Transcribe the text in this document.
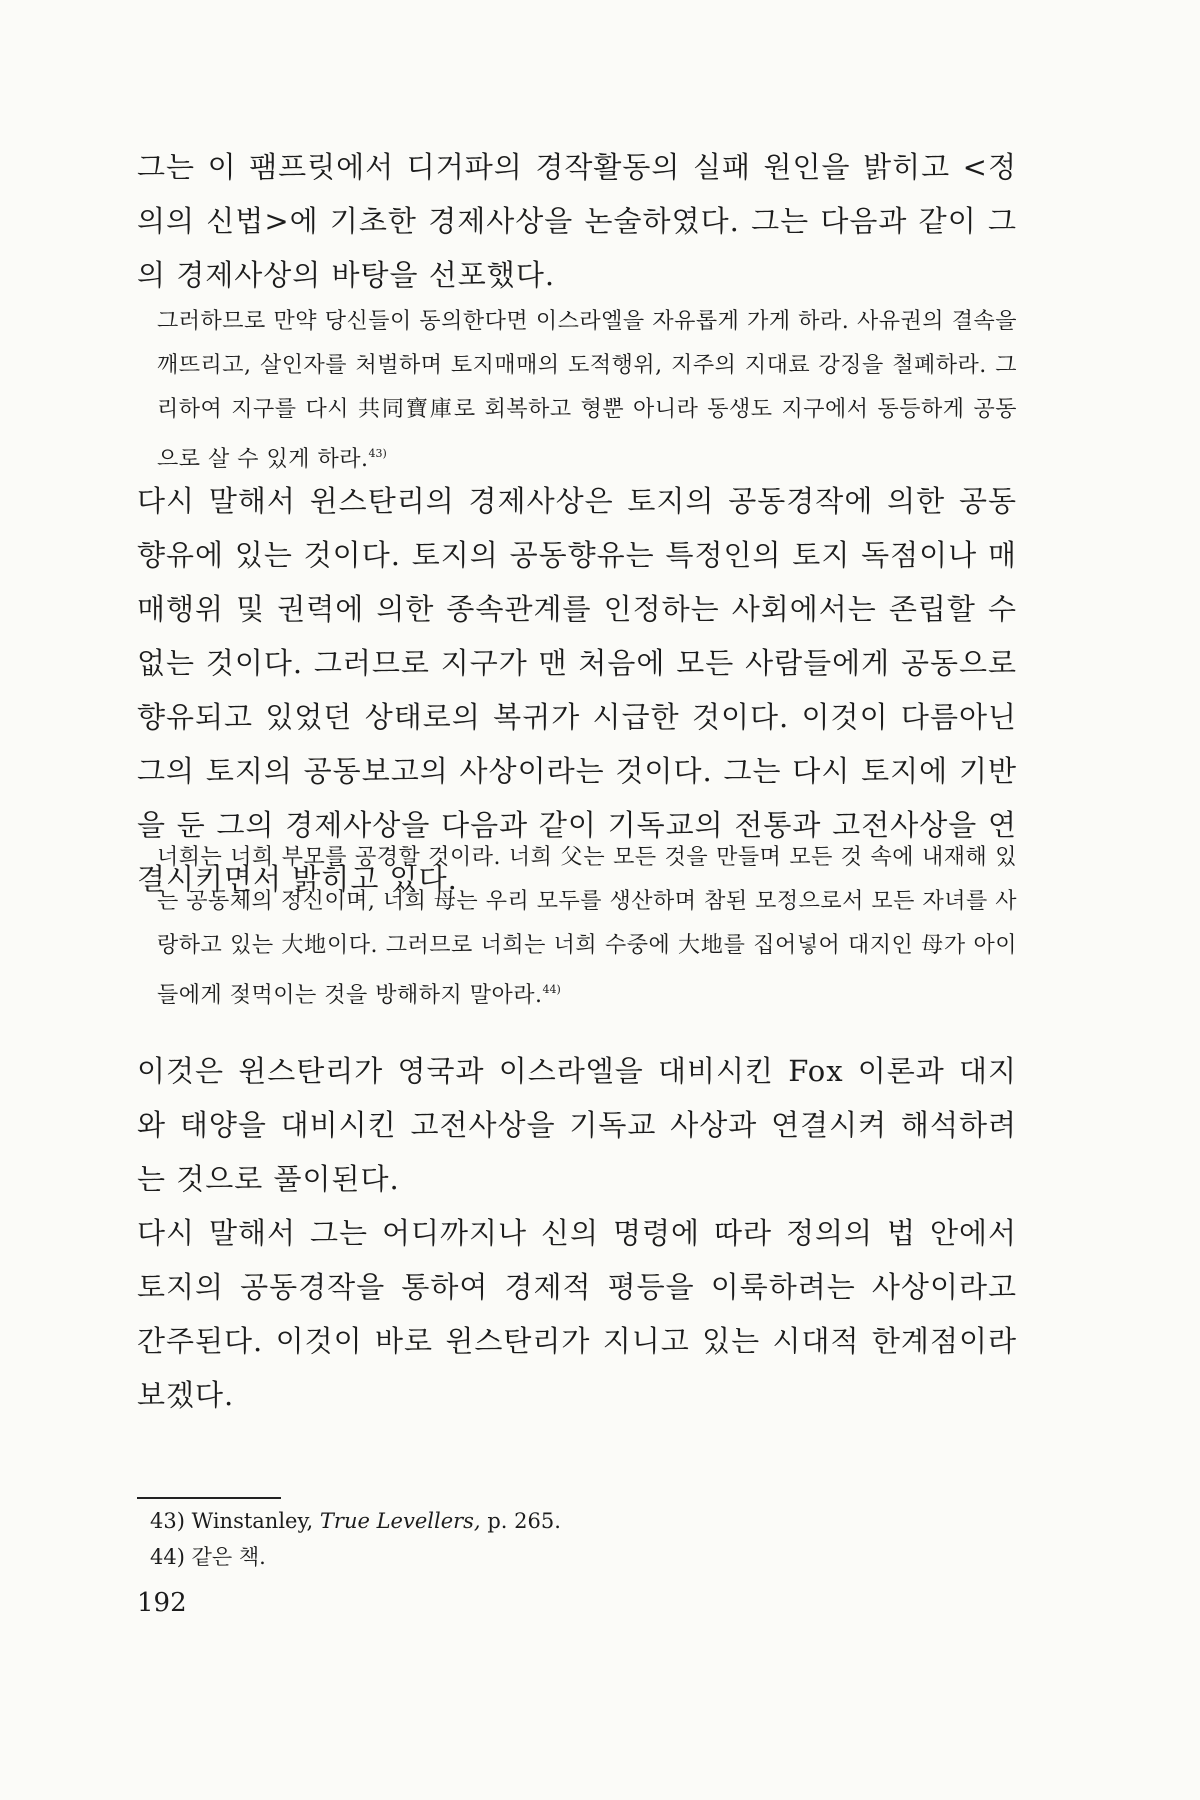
그는 이 팸프릿에서 디거파의 경작활동의 실패 원인을 밝히고 <정의의 신법>에 기초한 경제사상을 논술하였다. 그는 다음과 같이 그의 경제사상의 바탕을 선포했다.

그러하므로 만약 당신들이 동의한다면 이스라엘을 자유롭게 가게 하라. 사유권의 결속을 깨뜨리고, 살인자를 처벌하며 토지매매의 도적행위, 지주의 지대료 강징을 철폐하라. 그리하여 지구를 다시 共同寶庫로 회복하고 형뿐 아니라 동생도 지구에서 동등하게 공동으로 살 수 있게 하라.$^{43)}$

다시 말해서 윈스탄리의 경제사상은 토지의 공동경작에 의한 공동향유에 있는 것이다. 토지의 공동향유는 특정인의 토지 독점이나 매매행위 및 권력에 의한 종속관계를 인정하는 사회에서는 존립할 수 없는 것이다. 그러므로 지구가 맨 처음에 모든 사람들에게 공동으로 향유되고 있었던 상태로의 복귀가 시급한 것이다. 이것이 다름아닌 그의 토지의 공동보고의 사상이라는 것이다. 그는 다시 토지에 기반을 둔 그의 경제사상을 다음과 같이 기독교의 전통과 고전사상을 연결시키면서 밝히고 있다.

너희는 너희 부모를 공경할 것이라. 너희 父는 모든 것을 만들며 모든 것 속에 내재해 있는 공동체의 정신이며, 너희 母는 우리 모두를 생산하며 참된 모정으로서 모든 자녀를 사랑하고 있는 大地이다. 그러므로 너희는 너희 수중에 大地를 집어넣어 대지인 母가 아이들에게 젖먹이는 것을 방해하지 말아라.$^{44)}$

이것은 윈스탄리가 영국과 이스라엘을 대비시킨 Fox 이론과 대지와 태양을 대비시킨 고전사상을 기독교 사상과 연결시켜 해석하려는 것으로 풀이된다.

다시 말해서 그는 어디까지나 신의 명령에 따라 정의의 법 안에서 토지의 공동경작을 통하여 경제적 평등을 이룩하려는 사상이라고 간주된다. 이것이 바로 윈스탄리가 지니고 있는 시대적 한계점이라 보겠다.

43) Winstanley, True Levellers, p. 265.

44) 같은 책.

192
